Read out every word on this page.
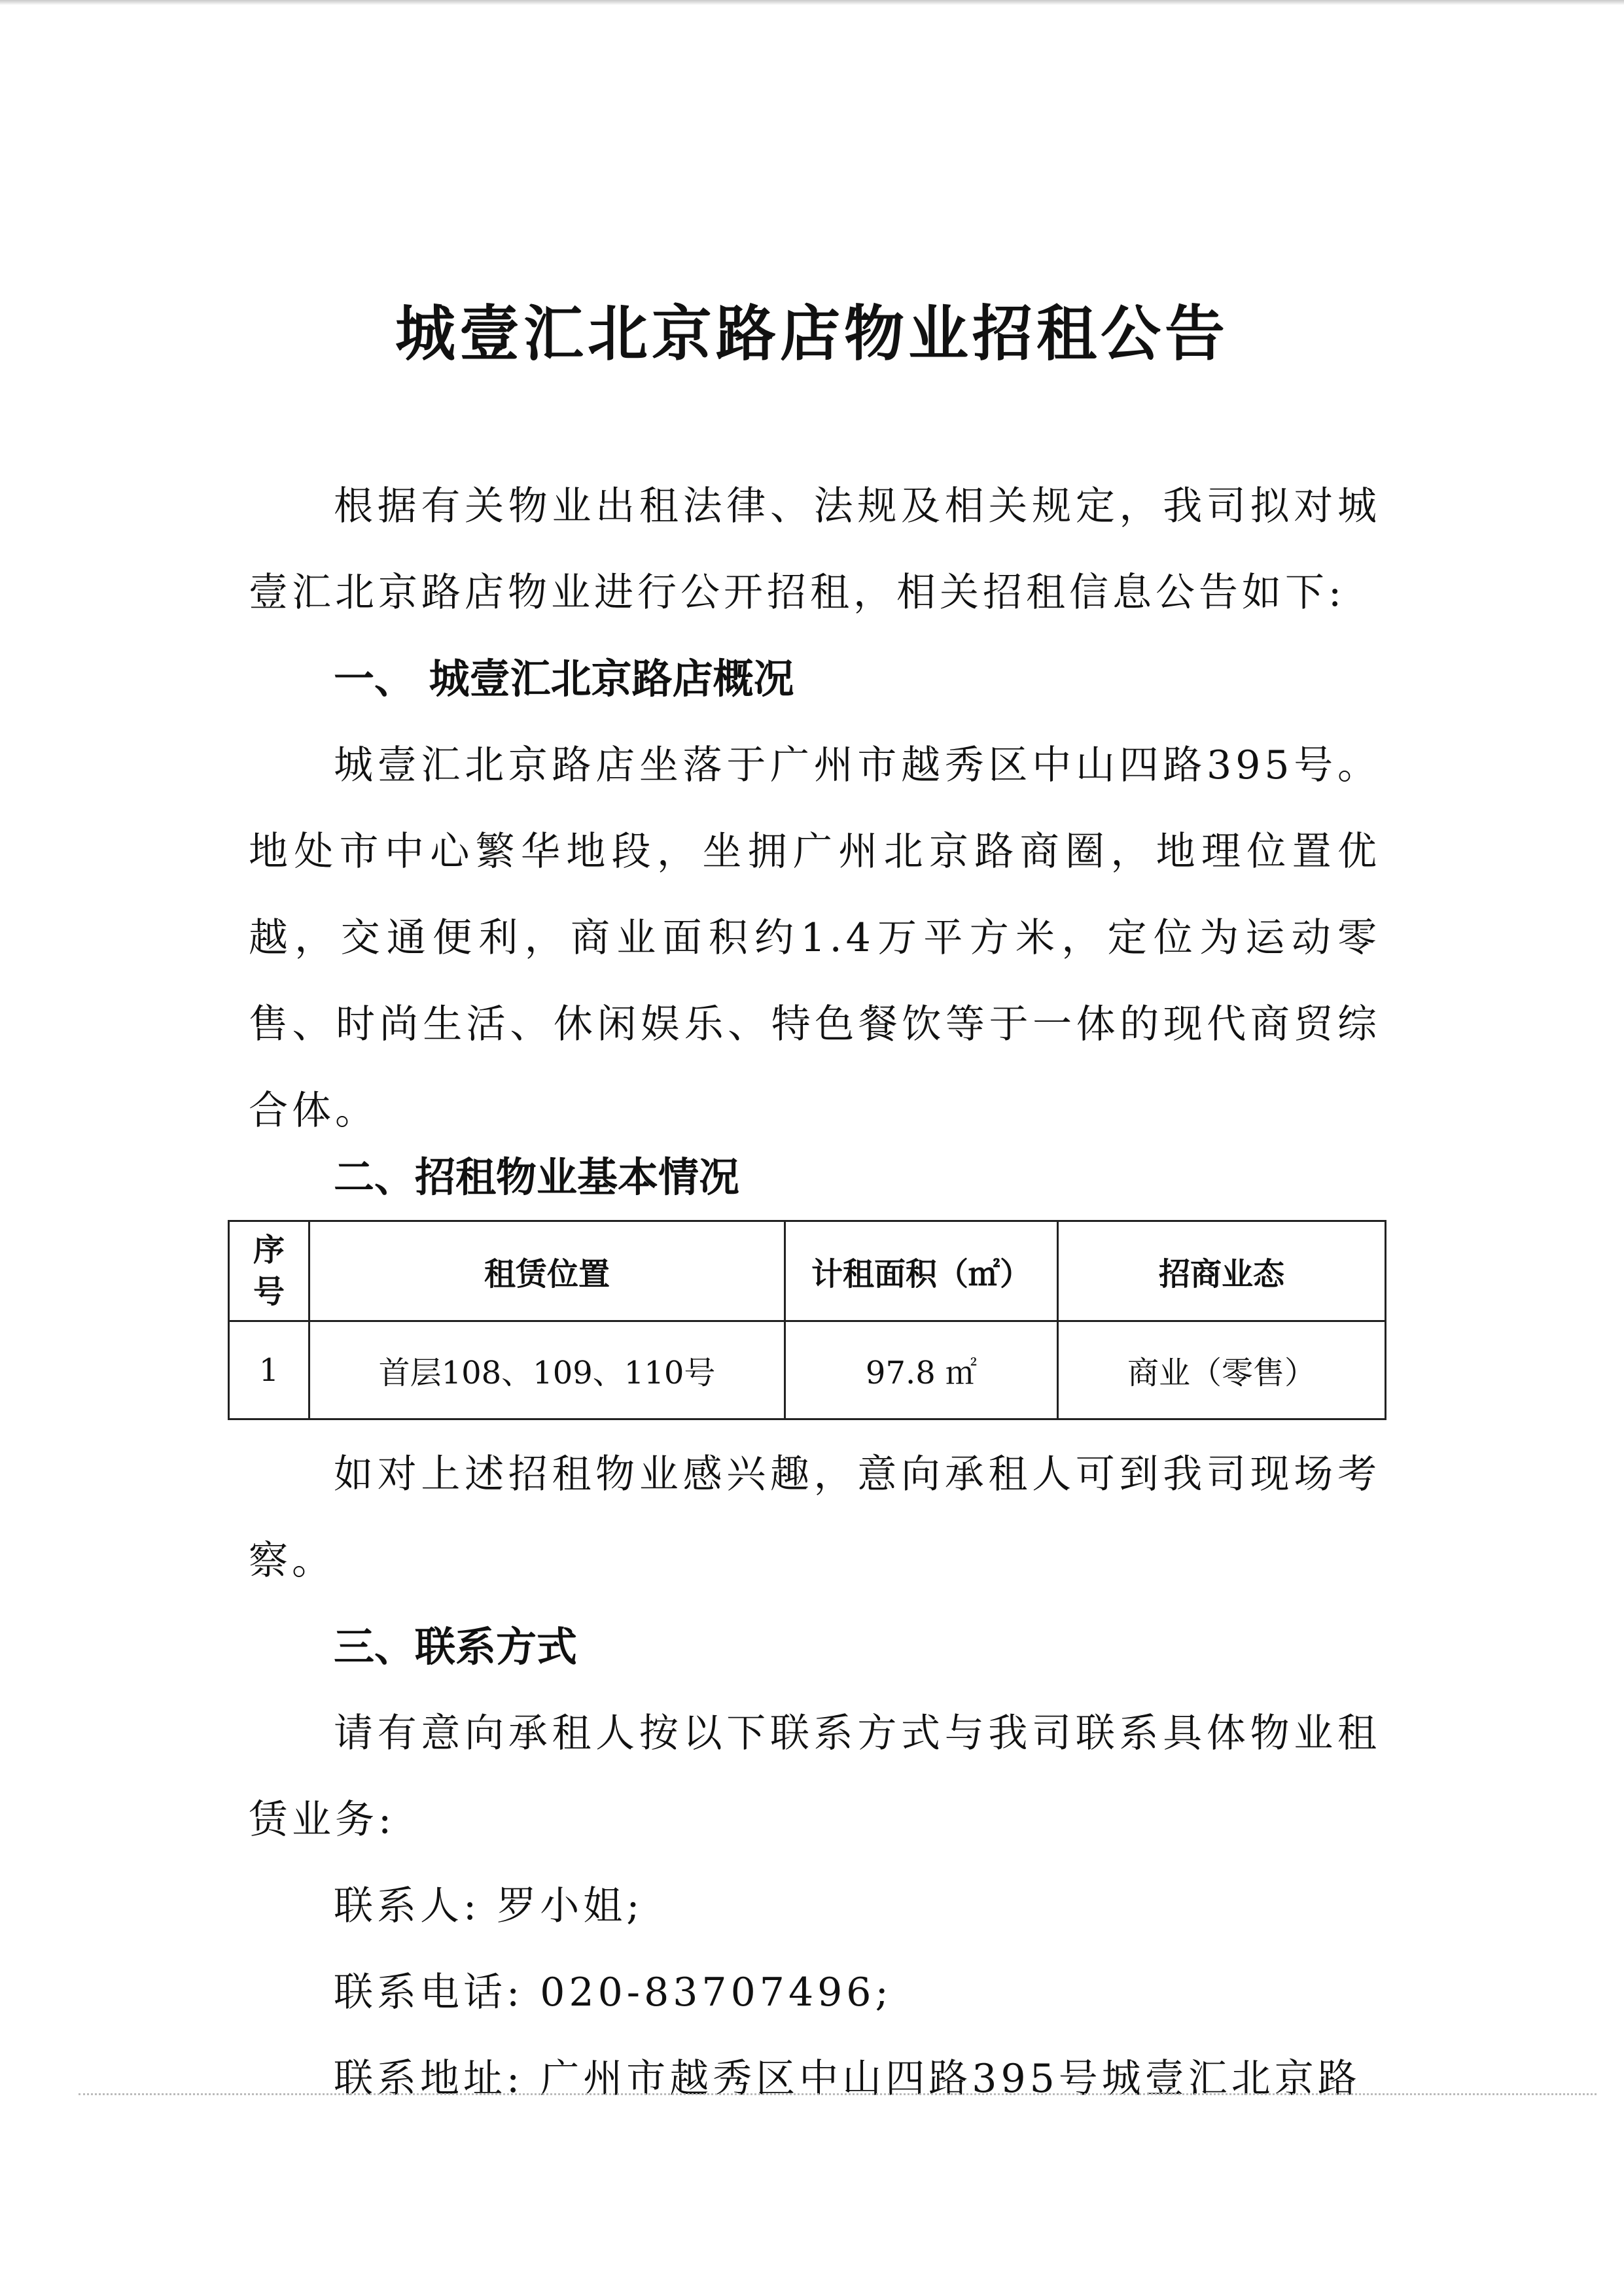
城壹汇北京路店物业招租公告

根据有关物业出租法律、法规及相关规定，我司拟对城壹汇北京路店物业进行公开招租，相关招租信息公告如下:

一、 城壹汇北京路店概况

城壹汇北京路店坐落于广州市越秀区中山四路395号。地处市中心繁华地段，坐拥广州北京路商圈，地理位置优越，交通便利，商业面积约1.4万平方米，定位为运动零售、时尚生活、休闲娱乐、特色餐饮等于一体的现代商贸综合体。

二、招租物业基本情况
序号	租赁位置	计租面积（㎡）	招商业态
1	首层108、109、110号	97.8 ㎡	商业（零售）

如对上述招租物业感兴趣，意向承租人可到我司现场考察。

三、联系方式

请有意向承租人按以下联系方式与我司联系具体物业租赁业务:

联系人: 罗小姐;

联系电话: 020-83707496;

联系地址: 广州市越秀区中山四路395号城壹汇北京路
